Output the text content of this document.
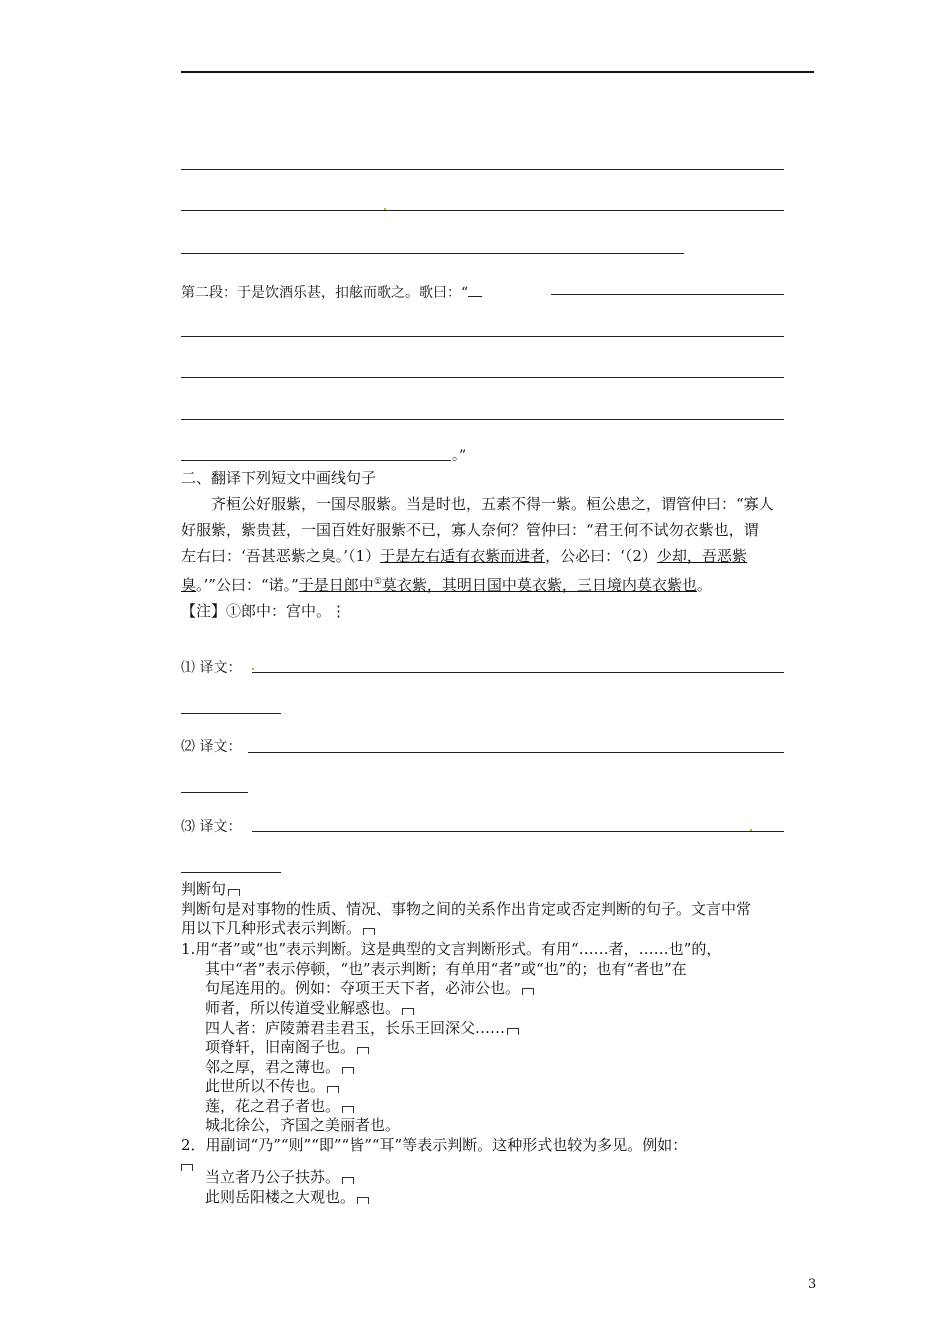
第二段：于是饮酒乐甚，扣舷而歌之。歌曰：“
。”
二、翻译下列短文中画线句子
齐桓公好服紫，一国尽服紫。当是时也，五素不得一紫。桓公患之，谓管仲曰：“寡人
好服紫，紫贵甚，一国百姓好服紫不已，寡人奈何？管仲曰：“君王何不试勿衣紫也，谓
左右曰：‘吾甚恶紫之臭。’（1）于是左右适有衣紫而进者，公必曰：‘（2）少却，吾恶紫
臭。’”公曰：“诺。”于是日郎中①莫衣紫，其明日国中莫衣紫，三日境内莫衣紫也。
【注】①郎中：宫中。⋮
⑴ 译文：
⑵ 译文：
⑶ 译文：
判断句
判断句是对事物的性质、情况、事物之间的关系作出肯定或否定判断的句子。文言中常
用以下几种形式表示判断。
1.用“者”或“也”表示判断。这是典型的文言判断形式。有用“……者，……也”的，
其中“者”表示停顿，“也”表示判断；有单用“者”或“也”的；也有“者也”在
句尾连用的。例如：夺项王天下者，必沛公也。
师者，所以传道受业解惑也。
四人者：庐陵萧君圭君玉，长乐王回深父……
项脊轩，旧南阁子也。
邻之厚，君之薄也。
此世所以不传也。
莲，花之君子者也。
城北徐公，齐国之美丽者也。
2．用副词“乃”“则”“即”“皆”“耳”等表示判断。这种形式也较为多见。例如：
当立者乃公子扶苏。
此则岳阳楼之大观也。
3
